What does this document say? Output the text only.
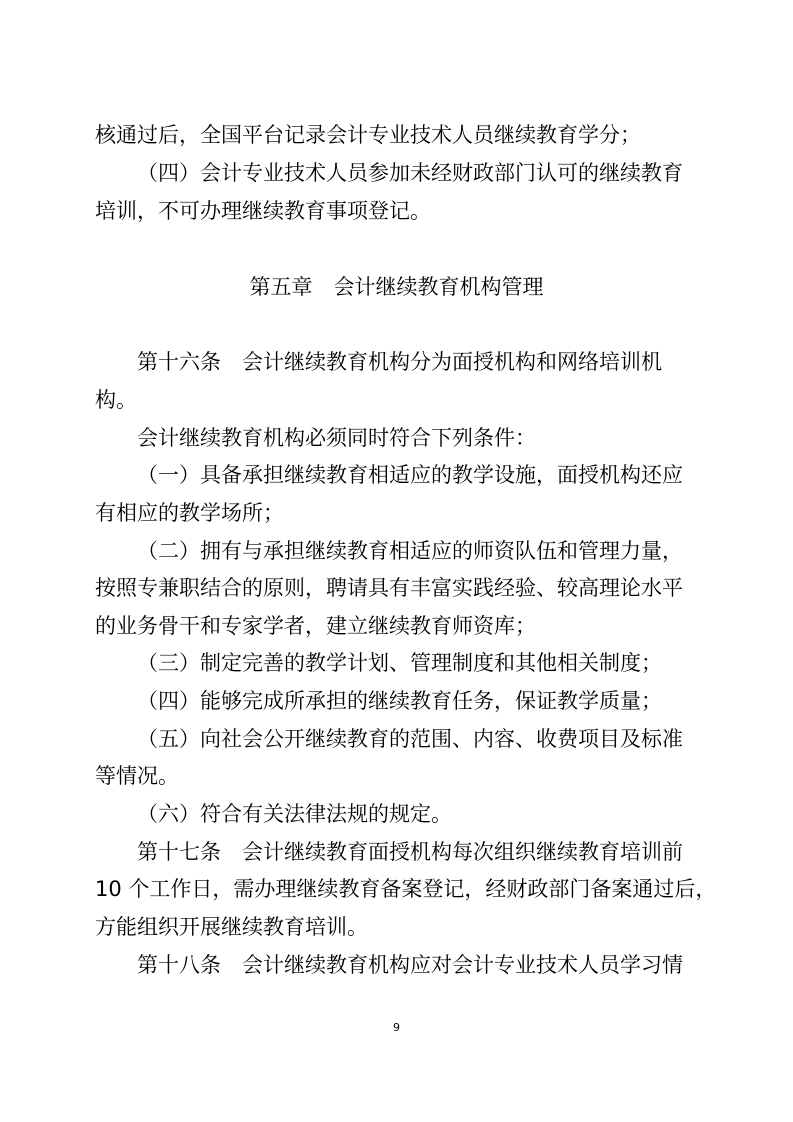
核通过后，全国平台记录会计专业技术人员继续教育学分；
（四）会计专业技术人员参加未经财政部门认可的继续教育
培训，不可办理继续教育事项登记。
第五章　会计继续教育机构管理
第十六条　会计继续教育机构分为面授机构和网络培训机
构。
会计继续教育机构必须同时符合下列条件：
（一）具备承担继续教育相适应的教学设施，面授机构还应
有相应的教学场所；
（二）拥有与承担继续教育相适应的师资队伍和管理力量，
按照专兼职结合的原则，聘请具有丰富实践经验、较高理论水平
的业务骨干和专家学者，建立继续教育师资库；
（三）制定完善的教学计划、管理制度和其他相关制度；
（四）能够完成所承担的继续教育任务，保证教学质量；
（五）向社会公开继续教育的范围、内容、收费项目及标准
等情况。
（六）符合有关法律法规的规定。
第十七条　会计继续教育面授机构每次组织继续教育培训前
10 个工作日，需办理继续教育备案登记，经财政部门备案通过后，
方能组织开展继续教育培训。
第十八条　会计继续教育机构应对会计专业技术人员学习情
9
